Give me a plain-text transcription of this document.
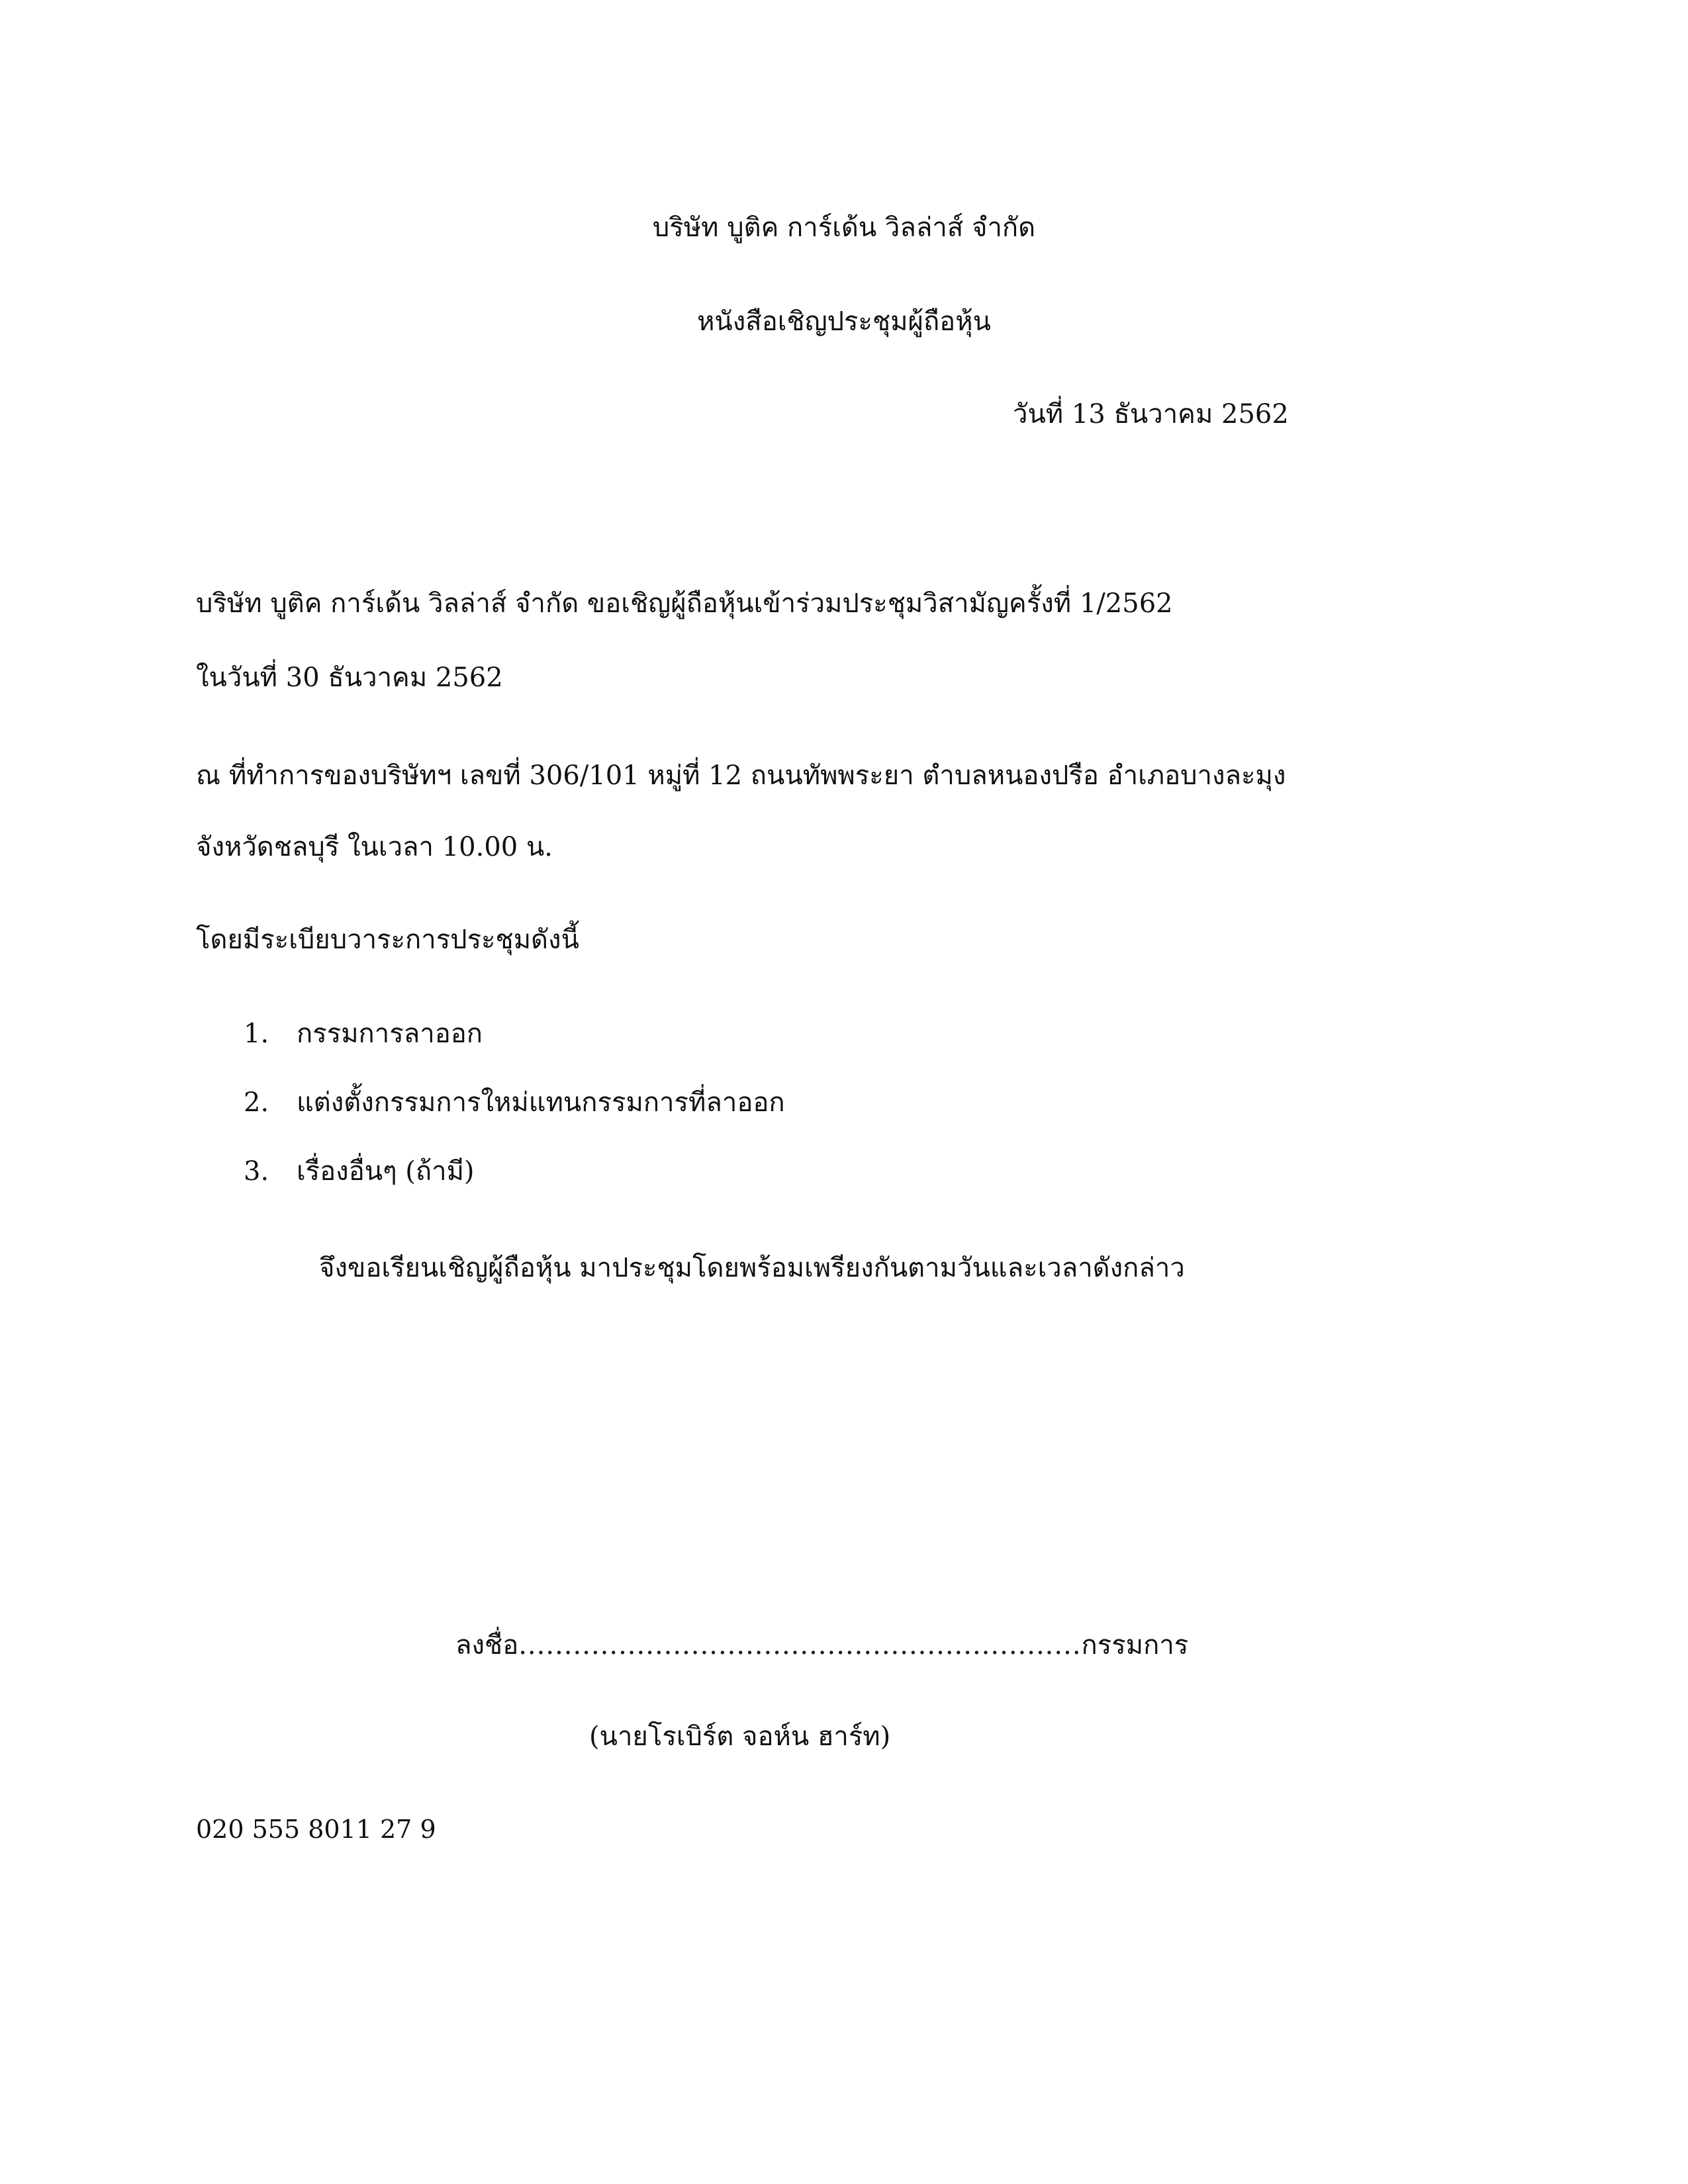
บริษัท บูติค การ์เด้น วิลล่าส์ จำกัด
หนังสือเชิญประชุมผู้ถือหุ้น
วันที่ 13 ธันวาคม 2562
บริษัท บูติค การ์เด้น วิลล่าส์ จำกัด ขอเชิญผู้ถือหุ้นเข้าร่วมประชุมวิสามัญครั้งที่ 1/2562
ในวันที่ 30 ธันวาคม 2562
ณ ที่ทำการของบริษัทฯ เลขที่ 306/101 หมู่ที่ 12 ถนนทัพพระยา ตำบลหนองปรือ อำเภอบางละมุง
จังหวัดชลบุรี ในเวลา 10.00 น.
โดยมีระเบียบวาระการประชุมดังนี้
1. กรรมการลาออก
2. แต่งตั้งกรรมการใหม่แทนกรรมการที่ลาออก
3. เรื่องอื่นๆ (ถ้ามี)
จึงขอเรียนเชิญผู้ถือหุ้น มาประชุมโดยพร้อมเพรียงกันตามวันและเวลาดังกล่าว
ลงชื่อ..............................................................กรรมการ
(นายโรเบิร์ต จอห์น ฮาร์ท)
020 555 8011 27 9
